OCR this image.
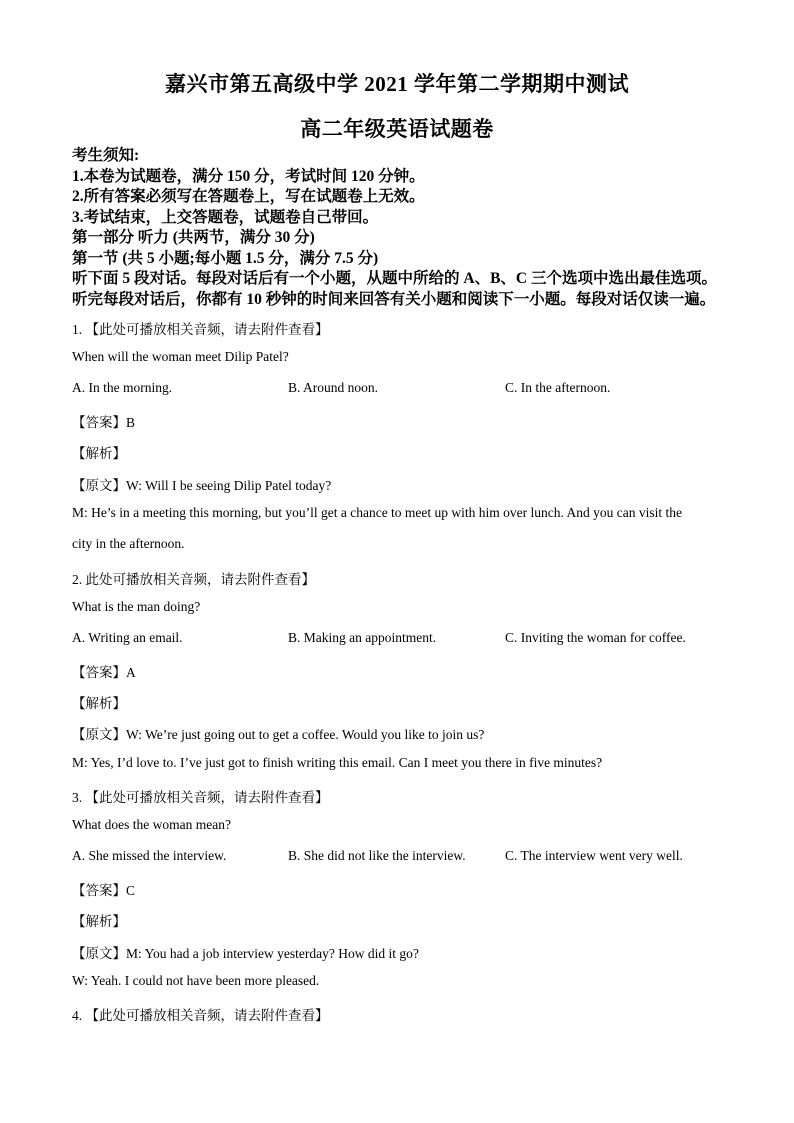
嘉兴市第五高级中学 2021 学年第二学期期中测试
高二年级英语试题卷
考生须知:
1.本卷为试题卷，满分 150 分，考试时间 120 分钟。
2.所有答案必须写在答题卷上，写在试题卷上无效。
3.考试结束，上交答题卷，试题卷自己带回。
第一部分 听力 (共两节，满分 30 分)
第一节 (共 5 小题;每小题 1.5 分，满分 7.5 分)
听下面 5 段对话。每段对话后有一个小题，从题中所给的 A、B、C 三个选项中选出最佳选项。
听完每段对话后，你都有 10 秒钟的时间来回答有关小题和阅读下一小题。每段对话仅读一遍。
1. 【此处可播放相关音频，请去附件查看】
When will the woman meet Dilip Patel?
A. In the morning.	B. Around noon.	C. In the afternoon.
【答案】B
【解析】
【原文】W: Will I be seeing Dilip Patel today?
M: He’s in a meeting this morning, but you’ll get a chance to meet up with him over lunch. And you can visit the
city in the afternoon.
2. 此处可播放相关音频，请去附件查看】
What is the man doing?
A. Writing an email.	B. Making an appointment.	C. Inviting the woman for coffee.
【答案】A
【解析】
【原文】W: We’re just going out to get a coffee. Would you like to join us?
M: Yes, I’d love to. I’ve just got to finish writing this email. Can I meet you there in five minutes?
3. 【此处可播放相关音频，请去附件查看】
What does the woman mean?
A. She missed the interview.	B. She did not like the interview.	C. The interview went very well.
【答案】C
【解析】
【原文】M: You had a job interview yesterday? How did it go?
W: Yeah. I could not have been more pleased.
4. 【此处可播放相关音频，请去附件查看】
